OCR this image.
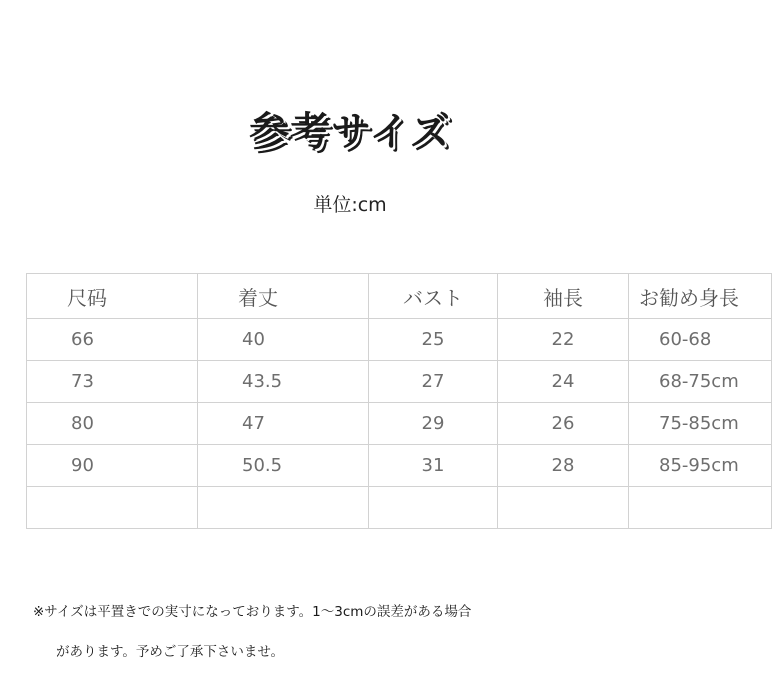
参考サイズ
単位:cm
尺码	着丈	バスト	袖長	お勧め身長
66	40	25	22	60-68
73	43.5	27	24	68-75cm
80	47	29	26	75-85cm
90	50.5	31	28	85-95cm

※サイズは平置きでの実寸になっております。1～3cmの誤差がある場合
があります。予めご了承下さいませ。
